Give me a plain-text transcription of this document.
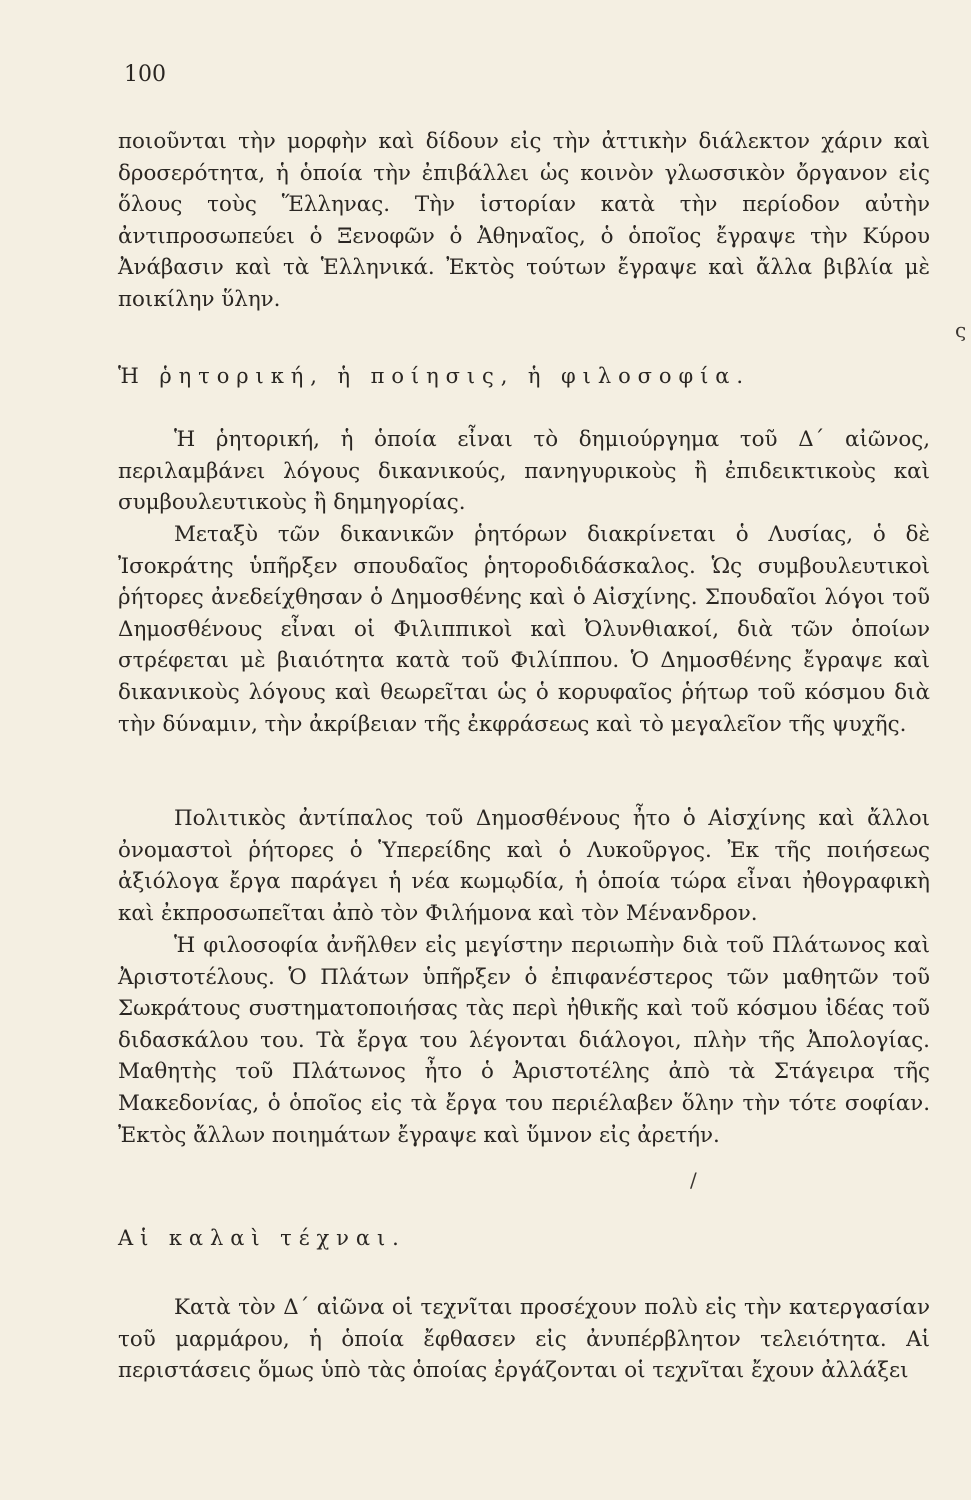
100

ποιοῦνται τὴν μορφὴν καὶ δίδουν εἰς τὴν ἀττικὴν διάλεκτον χάριν καὶ δροσερότητα, ἡ ὁποία τὴν ἐπιβάλλει ὡς κοινὸν γλωσσικὸν ὄργανον εἰς ὅλους τοὺς Ἕλληνας. Τὴν ἱστορίαν κατὰ τὴν περίοδον αὐτὴν ἀντιπροσωπεύει ὁ Ξενοφῶν ὁ Ἀθηναῖος, ὁ ὁποῖος ἔγραψε τὴν Κύρου Ἀνάβασιν καὶ τὰ Ἑλληνικά. Ἐκτὸς τούτων ἔγραψε καὶ ἄλλα βιβλία μὲ ποικίλην ὕλην.

ς
Ἡ ῥητορική, ἡ ποίησις, ἡ φιλοσοφία.

Ἡ ῥητορική, ἡ ὁποία εἶναι τὸ δημιούργημα τοῦ Δ΄ αἰῶνος, περιλαμβάνει λόγους δικανικούς, πανηγυρικοὺς ἢ ἐπιδεικτικοὺς καὶ συμβουλευτικοὺς ἢ δημηγορίας.

Μεταξὺ τῶν δικανικῶν ῥητόρων διακρίνεται ὁ Λυσίας, ὁ δὲ Ἰσοκράτης ὑπῆρξεν σπουδαῖος ῥητοροδιδάσκαλος. Ὡς συμβουλευτικοὶ ῥήτορες ἀνεδείχθησαν ὁ Δημοσθένης καὶ ὁ Αἰσχίνης. Σπουδαῖοι λόγοι τοῦ Δημοσθένους εἶναι οἱ Φιλιππικοὶ καὶ Ὀλυνθιακοί, διὰ τῶν ὁποίων στρέφεται μὲ βιαιότητα κατὰ τοῦ Φιλίππου. Ὁ Δημοσθένης ἔγραψε καὶ δικανικοὺς λόγους καὶ θεωρεῖται ὡς ὁ κορυφαῖος ῥήτωρ τοῦ κόσμου διὰ τὴν δύναμιν, τὴν ἀκρίβειαν τῆς ἐκφράσεως καὶ τὸ μεγαλεῖον τῆς ψυχῆς.

Πολιτικὸς ἀντίπαλος τοῦ Δημοσθένους ἦτο ὁ Αἰσχίνης καὶ ἄλλοι ὀνομαστοὶ ῥήτορες ὁ Ὑπερείδης καὶ ὁ Λυκοῦργος. Ἐκ τῆς ποιήσεως ἀξιόλογα ἔργα παράγει ἡ νέα κωμῳδία, ἡ ὁποία τώρα εἶναι ἠθογραφικὴ καὶ ἐκπροσωπεῖται ἀπὸ τὸν Φιλήμονα καὶ τὸν Μένανδρον.

Ἡ φιλοσοφία ἀνῆλθεν εἰς μεγίστην περιωπὴν διὰ τοῦ Πλάτωνος καὶ Ἀριστοτέλους. Ὁ Πλάτων ὑπῆρξεν ὁ ἐπιφανέστερος τῶν μαθητῶν τοῦ Σωκράτους συστηματοποιήσας τὰς περὶ ἠθικῆς καὶ τοῦ κόσμου ἰδέας τοῦ διδασκάλου του. Τὰ ἔργα του λέγονται διάλογοι, πλὴν τῆς Ἀπολογίας. Μαθητὴς τοῦ Πλάτωνος ἦτο ὁ Ἀριστοτέλης ἀπὸ τὰ Στάγειρα τῆς Μακεδονίας, ὁ ὁποῖος εἰς τὰ ἔργα του περιέλαβεν ὅλην τὴν τότε σοφίαν. Ἐκτὸς ἄλλων ποιημάτων ἔγραψε καὶ ὕμνον εἰς ἀρετήν.

/
Αἱ καλαὶ τέχναι.

Κατὰ τὸν Δ΄ αἰῶνα οἱ τεχνῖται προσέχουν πολὺ εἰς τὴν κατεργασίαν τοῦ μαρμάρου, ἡ ὁποία ἔφθασεν εἰς ἀνυπέρβλητον τελειότητα. Αἱ περιστάσεις ὅμως ὑπὸ τὰς ὁποίας ἐργάζονται οἱ τεχνῖται ἔχουν ἀλλάξει
